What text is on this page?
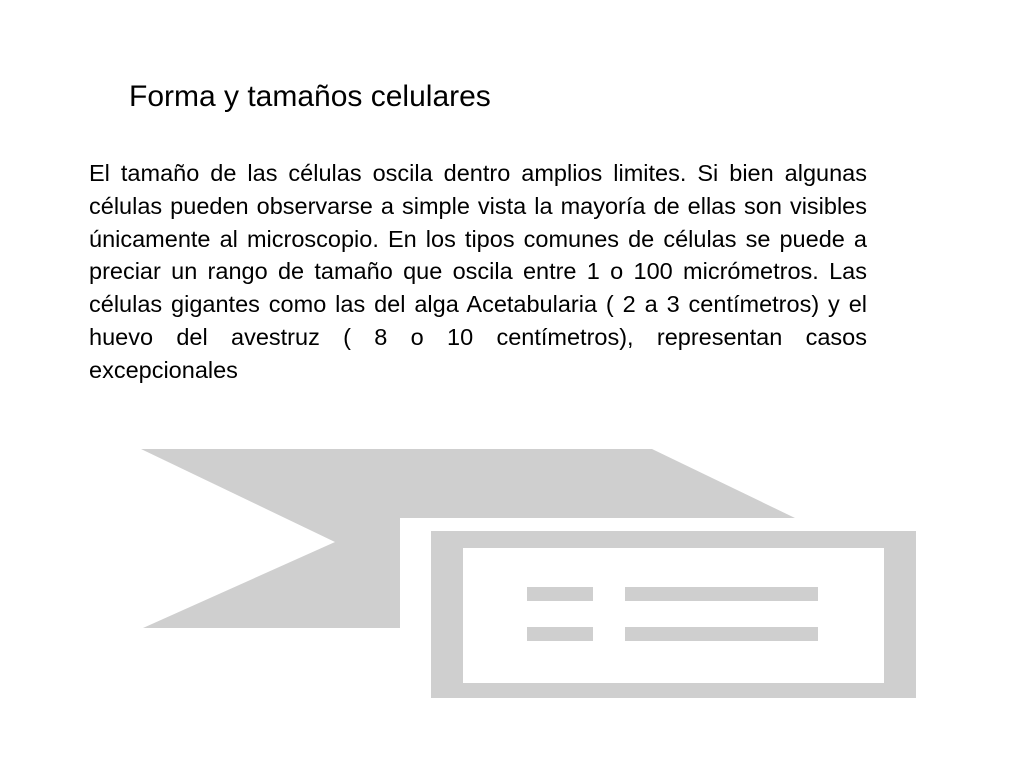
Forma y tamaños celulares

El tamaño de las células oscila dentro amplios limites. Si bien algunas células pueden observarse a simple vista la mayoría de ellas son visibles únicamente al microscopio. En los tipos comunes de células se puede a preciar un rango de tamaño que oscila entre 1 o 100 micrómetros. Las células gigantes como las del alga Acetabularia ( 2 a 3 centímetros) y el huevo del avestruz ( 8 o 10 centímetros), representan casos excepcionales
